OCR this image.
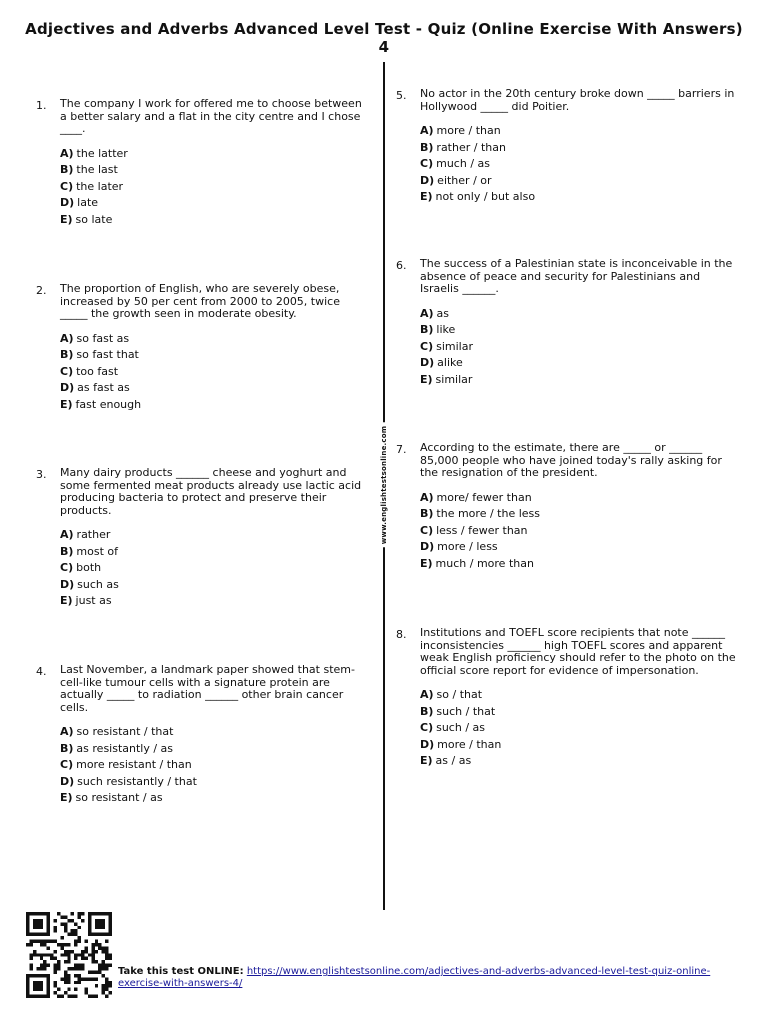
Adjectives and Adverbs Advanced Level Test - Quiz (Online Exercise With Answers) 4
www.englishtestsonline.com
1. The company I work for offered me to choose between a better salary and a flat in the city centre and I chose ____.
A) the latter
B) the last
C) the later
D) late
E) so late
2. The proportion of English, who are severely obese, increased by 50 per cent from 2000 to 2005, twice _____ the growth seen in moderate obesity.
A) so fast as
B) so fast that
C) too fast
D) as fast as
E) fast enough
3. Many dairy products ______ cheese and yoghurt and some fermented meat products already use lactic acid producing bacteria to protect and preserve their products.
A) rather
B) most of
C) both
D) such as
E) just as
4. Last November, a landmark paper showed that stem-cell-like tumour cells with a signature protein are actually _____ to radiation ______ other brain cancer cells.
A) so resistant / that
B) as resistantly / as
C) more resistant / than
D) such resistantly / that
E) so resistant / as
5. No actor in the 20th century broke down _____ barriers in Hollywood _____ did Poitier.
A) more / than
B) rather / than
C) much / as
D) either / or
E) not only / but also
6. The success of a Palestinian state is inconceivable in the absence of peace and security for Palestinians and Israelis ______.
A) as
B) like
C) similar
D) alike
E) similar
7. According to the estimate, there are _____ or ______ 85,000 people who have joined today's rally asking for the resignation of the president.
A) more/ fewer than
B) the more / the less
C) less / fewer than
D) more / less
E) much / more than
8. Institutions and TOEFL score recipients that note ______ inconsistencies ______ high TOEFL scores and apparent weak English proficiency should refer to the photo on the official score report for evidence of impersonation.
A) so / that
B) such / that
C) such / as
D) more / than
E) as / as
Take this test ONLINE: https://www.englishtestsonline.com/adjectives-and-adverbs-advanced-level-test-quiz-online-exercise-with-answers-4/
